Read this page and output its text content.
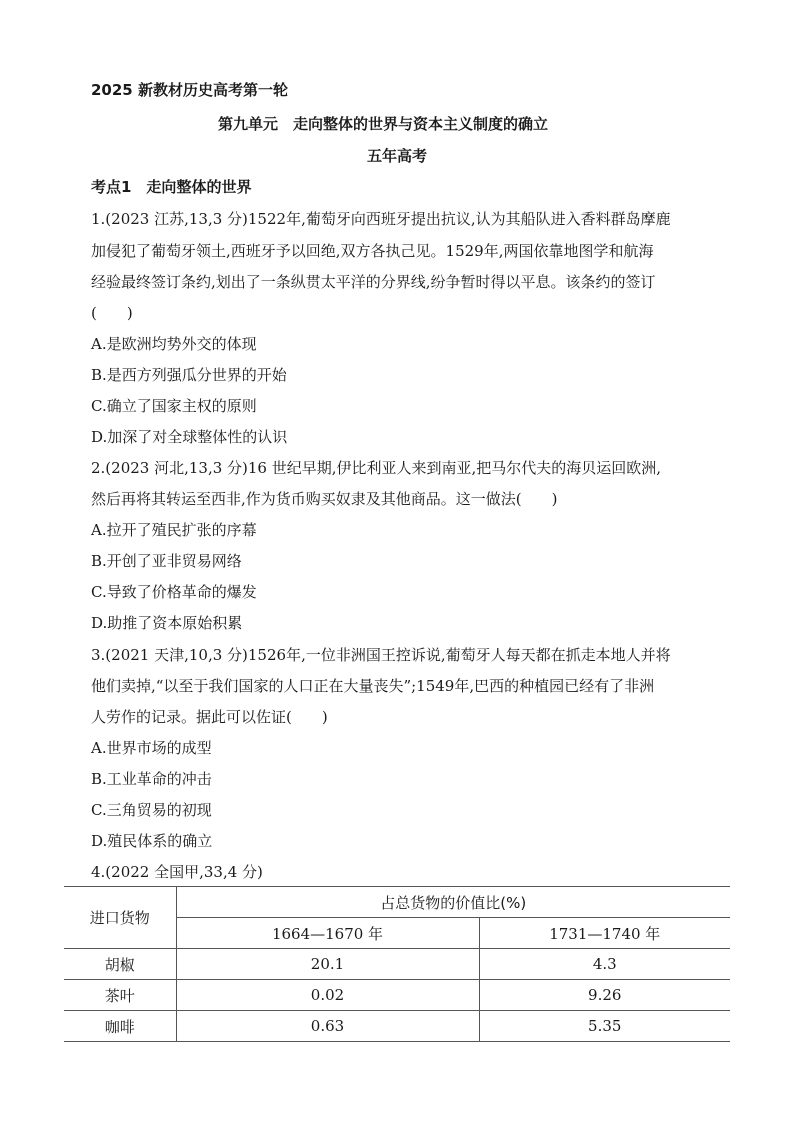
2025 新教材历史高考第一轮
第九单元　走向整体的世界与资本主义制度的确立
五年高考
考点1　走向整体的世界
1.(2023 江苏,13,3 分)1522年,葡萄牙向西班牙提出抗议,认为其船队进入香料群岛摩鹿
加侵犯了葡萄牙领土,西班牙予以回绝,双方各执己见。1529年,两国依靠地图学和航海
经验最终签订条约,划出了一条纵贯太平洋的分界线,纷争暂时得以平息。该条约的签订
(　　)
A.是欧洲均势外交的体现
B.是西方列强瓜分世界的开始
C.确立了国家主权的原则
D.加深了对全球整体性的认识
2.(2023 河北,13,3 分)16 世纪早期,伊比利亚人来到南亚,把马尔代夫的海贝运回欧洲,
然后再将其转运至西非,作为货币购买奴隶及其他商品。这一做法(　　)
A.拉开了殖民扩张的序幕
B.开创了亚非贸易网络
C.导致了价格革命的爆发
D.助推了资本原始积累
3.(2021 天津,10,3 分)1526年,一位非洲国王控诉说,葡萄牙人每天都在抓走本地人并将
他们卖掉,“以至于我们国家的人口正在大量丧失”;1549年,巴西的种植园已经有了非洲
人劳作的记录。据此可以佐证(　　)
A.世界市场的成型
B.工业革命的冲击
C.三角贸易的初现
D.殖民体系的确立
4.(2022 全国甲,33,4 分)
进口货物	占总货物的价值比(%)	
	1664—1670 年	1731—1740 年
胡椒	20.1	4.3
茶叶	0.02	9.26
咖啡	0.63	5.35
